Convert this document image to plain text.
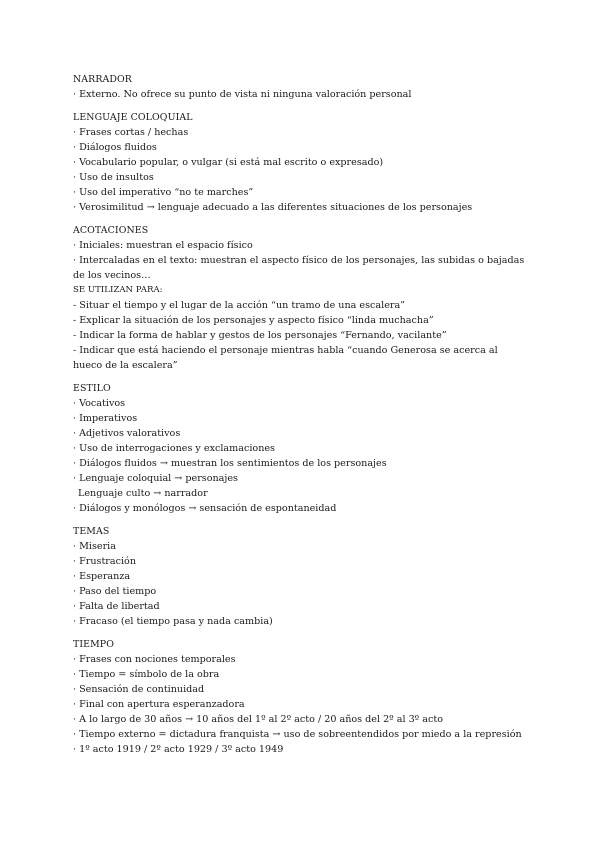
NARRADOR
· Externo. No ofrece su punto de vista ni ninguna valoración personal
LENGUAJE COLOQUIAL
· Frases cortas / hechas
· Diálogos fluidos
· Vocabulario popular, o vulgar (si está mal escrito o expresado)
· Uso de insultos
· Uso del imperativo “no te marches”
· Verosimilitud → lenguaje adecuado a las diferentes situaciones de los personajes
ACOTACIONES
· Iniciales: muestran el espacio físico
· Intercaladas en el texto: muestran el aspecto físico de los personajes, las subidas o bajadas de los vecinos…
SE UTILIZAN PARA:
- Situar el tiempo y el lugar de la acción “un tramo de una escalera”
- Explicar la situación de los personajes y aspecto físico “linda muchacha”
- Indicar la forma de hablar y gestos de los personajes “Fernando, vacilante”
- Indicar que está haciendo el personaje mientras habla “cuando Generosa se acerca al hueco de la escalera”
ESTILO
· Vocativos
· Imperativos
· Adjetivos valorativos
· Uso de interrogaciones y exclamaciones
· Diálogos fluidos → muestran los sentimientos de los personajes
· Lenguaje coloquial → personajes
Lenguaje culto → narrador
· Diálogos y monólogos → sensación de espontaneidad
TEMAS
· Miseria
· Frustración
· Esperanza
· Paso del tiempo
· Falta de libertad
· Fracaso (el tiempo pasa y nada cambia)
TIEMPO
· Frases con nociones temporales
· Tiempo = símbolo de la obra
· Sensación de continuidad
· Final con apertura esperanzadora
· A lo largo de 30 años → 10 años del 1º al 2º acto / 20 años del 2º al 3º acto
· Tiempo externo = dictadura franquista → uso de sobreentendidos por miedo a la represión
· 1º acto 1919 / 2º acto 1929 / 3º acto 1949
